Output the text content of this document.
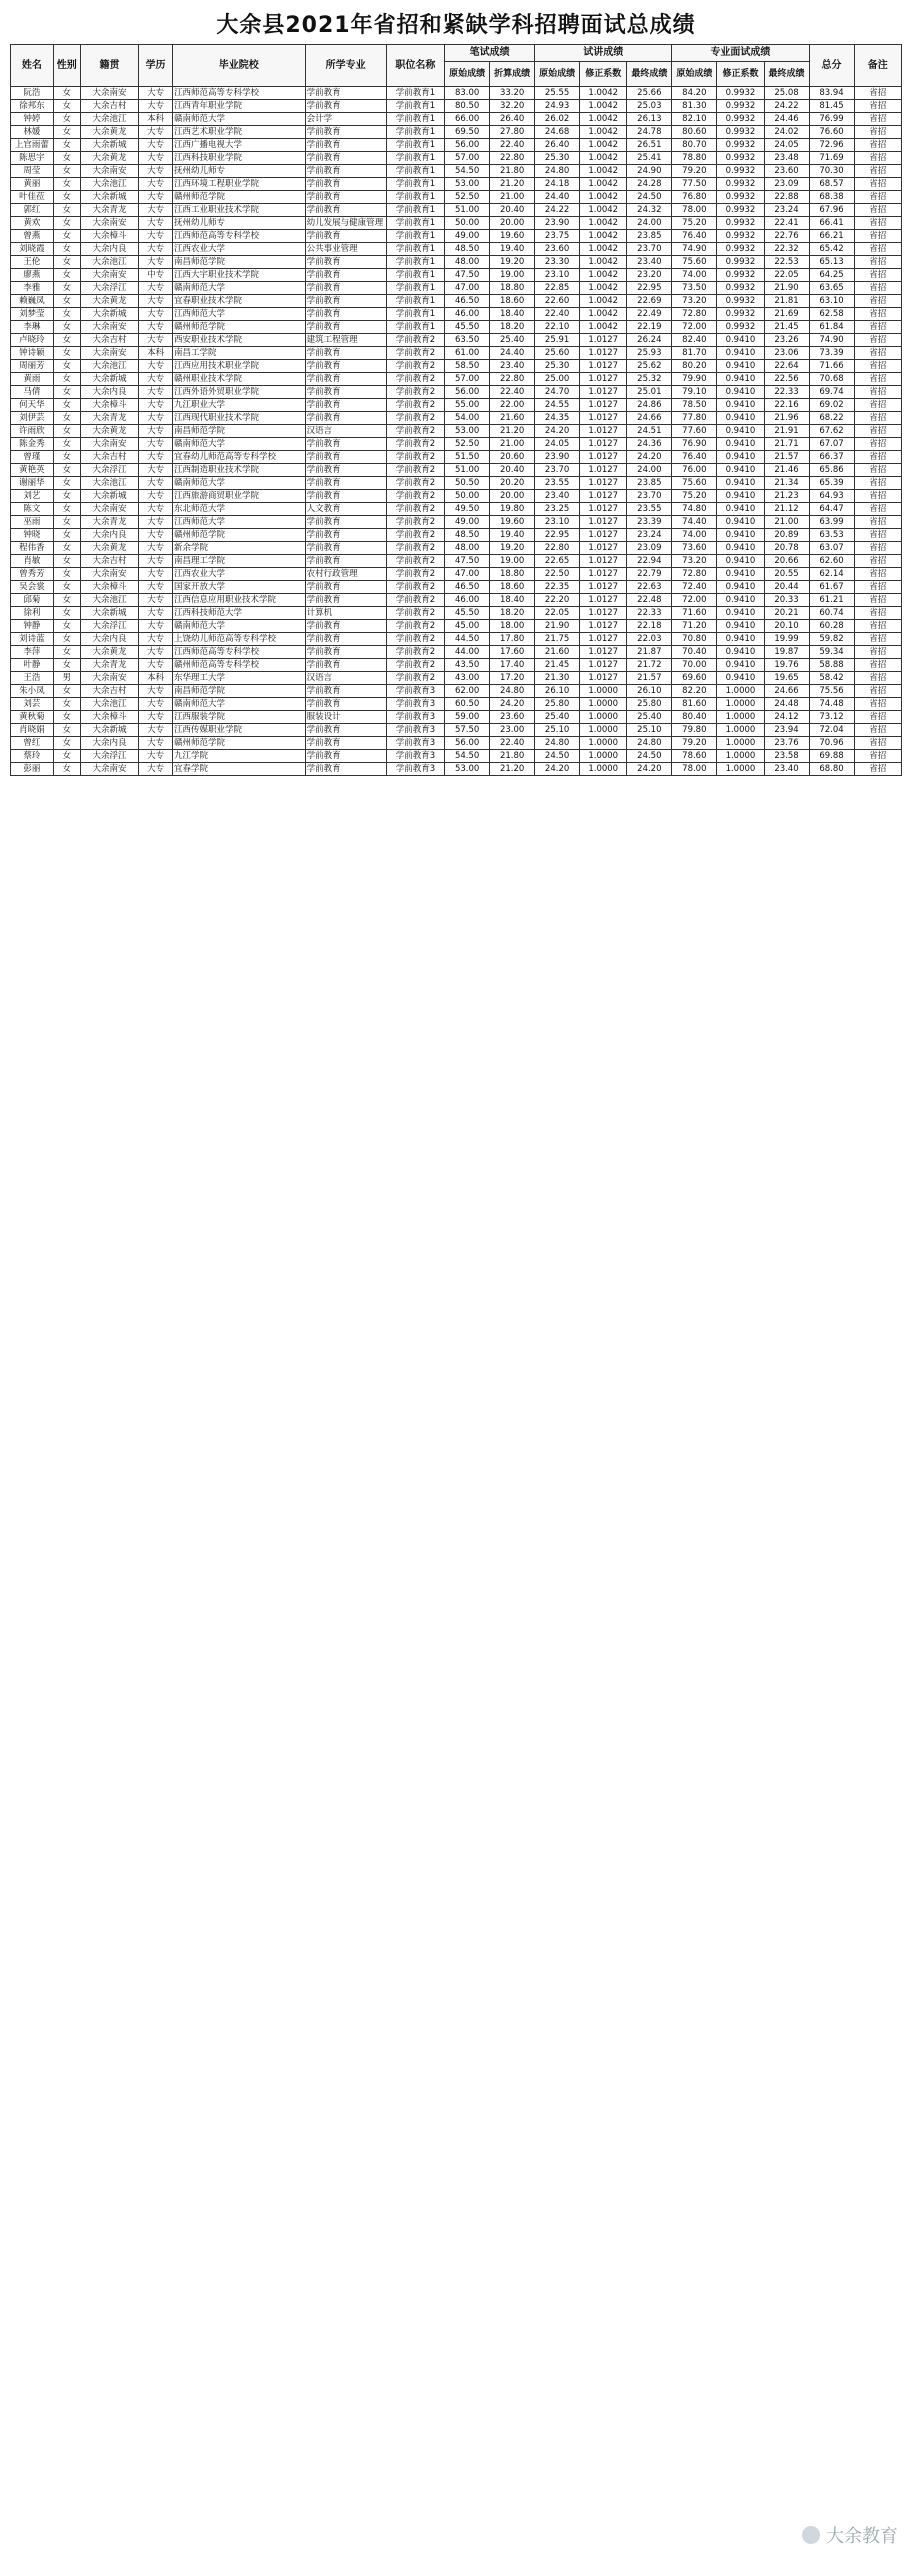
大余县2021年省招和紧缺学科招聘面试总成绩
姓名	性别	籍贯	学历	毕业院校	所学专业	职位名称	笔试成绩		试讲成绩			专业面试成绩			总分	备注
							原始成绩	折算成绩	原始成绩	修正系数	最终成绩	原始成绩	修正系数	最终成绩		
阮浩	女	大余南安	大专	江西师范高等专科学校	学前教育	学前教育1	83.00	33.20	25.55	1.0042	25.66	84.20	0.9932	25.08	83.94	省招
徐邦东	女	大余吉村	大专	江西青年职业学院	学前教育	学前教育1	80.50	32.20	24.93	1.0042	25.03	81.30	0.9932	24.22	81.45	省招
钟婷	女	大余池江	本科	赣南师范大学	会计学	学前教育1	66.00	26.40	26.02	1.0042	26.13	82.10	0.9932	24.46	76.99	省招
林媛	女	大余黄龙	大专	江西艺术职业学院	学前教育	学前教育1	69.50	27.80	24.68	1.0042	24.78	80.60	0.9932	24.02	76.60	省招
上官雨蕾	女	大余新城	大专	江西广播电视大学	学前教育	学前教育1	56.00	22.40	26.40	1.0042	26.51	80.70	0.9932	24.05	72.96	省招
陈思宇	女	大余黄龙	大专	江西科技职业学院	学前教育	学前教育1	57.00	22.80	25.30	1.0042	25.41	78.80	0.9932	23.48	71.69	省招
周莹	女	大余南安	大专	抚州幼儿师专	学前教育	学前教育1	54.50	21.80	24.80	1.0042	24.90	79.20	0.9932	23.60	70.30	省招
黄丽	女	大余池江	大专	江西环境工程职业学院	学前教育	学前教育1	53.00	21.20	24.18	1.0042	24.28	77.50	0.9932	23.09	68.57	省招
叶佳莅	女	大余新城	大专	赣州师范学院	学前教育	学前教育1	52.50	21.00	24.40	1.0042	24.50	76.80	0.9932	22.88	68.38	省招
郭红	女	大余青龙	大专	江西工业职业技术学院	学前教育	学前教育1	51.00	20.40	24.22	1.0042	24.32	78.00	0.9932	23.24	67.96	省招
黄欢	女	大余南安	大专	抚州幼儿师专	幼儿发展与健康管理	学前教育1	50.00	20.00	23.90	1.0042	24.00	75.20	0.9932	22.41	66.41	省招
曾燕	女	大余樟斗	大专	江西师范高等专科学校	学前教育	学前教育1	49.00	19.60	23.75	1.0042	23.85	76.40	0.9932	22.76	66.21	省招
刘晓霞	女	大余内良	大专	江西农业大学	公共事业管理	学前教育1	48.50	19.40	23.60	1.0042	23.70	74.90	0.9932	22.32	65.42	省招
王伦	女	大余池江	大专	南昌师范学院	学前教育	学前教育1	48.00	19.20	23.30	1.0042	23.40	75.60	0.9932	22.53	65.13	省招
廖燕	女	大余南安	中专	江西大宇职业技术学院	学前教育	学前教育1	47.50	19.00	23.10	1.0042	23.20	74.00	0.9932	22.05	64.25	省招
李雅	女	大余浮江	大专	赣南师范大学	学前教育	学前教育1	47.00	18.80	22.85	1.0042	22.95	73.50	0.9932	21.90	63.65	省招
赖巍凤	女	大余黄龙	大专	宜春职业技术学院	学前教育	学前教育1	46.50	18.60	22.60	1.0042	22.69	73.20	0.9932	21.81	63.10	省招
刘梦莹	女	大余新城	大专	江西师范大学	学前教育	学前教育1	46.00	18.40	22.40	1.0042	22.49	72.80	0.9932	21.69	62.58	省招
李琳	女	大余南安	大专	赣州师范学院	学前教育	学前教育1	45.50	18.20	22.10	1.0042	22.19	72.00	0.9932	21.45	61.84	省招
卢晓玲	女	大余吉村	大专	西安职业技术学院	建筑工程管理	学前教育2	63.50	25.40	25.91	1.0127	26.24	82.40	0.9410	23.26	74.90	省招
钟诗颖	女	大余南安	本科	南昌工学院	学前教育	学前教育2	61.00	24.40	25.60	1.0127	25.93	81.70	0.9410	23.06	73.39	省招
周丽芳	女	大余池江	大专	江西应用技术职业学院	学前教育	学前教育2	58.50	23.40	25.30	1.0127	25.62	80.20	0.9410	22.64	71.66	省招
黄雨	女	大余新城	大专	赣州职业技术学院	学前教育	学前教育2	57.00	22.80	25.00	1.0127	25.32	79.90	0.9410	22.56	70.68	省招
马倩	女	大余内良	大专	江西外语外贸职业学院	学前教育	学前教育2	56.00	22.40	24.70	1.0127	25.01	79.10	0.9410	22.33	69.74	省招
何天华	女	大余樟斗	大专	九江职业大学	学前教育	学前教育2	55.00	22.00	24.55	1.0127	24.86	78.50	0.9410	22.16	69.02	省招
刘伊芸	女	大余青龙	大专	江西现代职业技术学院	学前教育	学前教育2	54.00	21.60	24.35	1.0127	24.66	77.80	0.9410	21.96	68.22	省招
许雨欣	女	大余黄龙	大专	南昌师范学院	汉语言	学前教育2	53.00	21.20	24.20	1.0127	24.51	77.60	0.9410	21.91	67.62	省招
陈金秀	女	大余南安	大专	赣南师范大学	学前教育	学前教育2	52.50	21.00	24.05	1.0127	24.36	76.90	0.9410	21.71	67.07	省招
曾瑾	女	大余吉村	大专	宜春幼儿师范高等专科学校	学前教育	学前教育2	51.50	20.60	23.90	1.0127	24.20	76.40	0.9410	21.57	66.37	省招
黄艳英	女	大余浮江	大专	江西制造职业技术学院	学前教育	学前教育2	51.00	20.40	23.70	1.0127	24.00	76.00	0.9410	21.46	65.86	省招
谢丽华	女	大余池江	大专	赣南师范大学	学前教育	学前教育2	50.50	20.20	23.55	1.0127	23.85	75.60	0.9410	21.34	65.39	省招
刘艺	女	大余新城	大专	江西旅游商贸职业学院	学前教育	学前教育2	50.00	20.00	23.40	1.0127	23.70	75.20	0.9410	21.23	64.93	省招
陈文	女	大余南安	大专	东北师范大学	人文教育	学前教育2	49.50	19.80	23.25	1.0127	23.55	74.80	0.9410	21.12	64.47	省招
巫雨	女	大余青龙	大专	江西师范大学	学前教育	学前教育2	49.00	19.60	23.10	1.0127	23.39	74.40	0.9410	21.00	63.99	省招
钟晓	女	大余内良	大专	赣州师范学院	学前教育	学前教育2	48.50	19.40	22.95	1.0127	23.24	74.00	0.9410	20.89	63.53	省招
程伟香	女	大余黄龙	大专	新余学院	学前教育	学前教育2	48.00	19.20	22.80	1.0127	23.09	73.60	0.9410	20.78	63.07	省招
肖敏	女	大余吉村	大专	南昌理工学院	学前教育	学前教育2	47.50	19.00	22.65	1.0127	22.94	73.20	0.9410	20.66	62.60	省招
曾秀芳	女	大余南安	大专	江西农业大学	农村行政管理	学前教育2	47.00	18.80	22.50	1.0127	22.79	72.80	0.9410	20.55	62.14	省招
吴会裳	女	大余樟斗	大专	国家开放大学	学前教育	学前教育2	46.50	18.60	22.35	1.0127	22.63	72.40	0.9410	20.44	61.67	省招
邱菊	女	大余池江	大专	江西信息应用职业技术学院	学前教育	学前教育2	46.00	18.40	22.20	1.0127	22.48	72.00	0.9410	20.33	61.21	省招
徐利	女	大余新城	大专	江西科技师范大学	计算机	学前教育2	45.50	18.20	22.05	1.0127	22.33	71.60	0.9410	20.21	60.74	省招
钟静	女	大余浮江	大专	赣南师范大学	学前教育	学前教育2	45.00	18.00	21.90	1.0127	22.18	71.20	0.9410	20.10	60.28	省招
刘诗蓝	女	大余内良	大专	上饶幼儿师范高等专科学校	学前教育	学前教育2	44.50	17.80	21.75	1.0127	22.03	70.80	0.9410	19.99	59.82	省招
李萍	女	大余黄龙	大专	江西师范高等专科学校	学前教育	学前教育2	44.00	17.60	21.60	1.0127	21.87	70.40	0.9410	19.87	59.34	省招
叶静	女	大余青龙	大专	赣州师范高等专科学校	学前教育	学前教育2	43.50	17.40	21.45	1.0127	21.72	70.00	0.9410	19.76	58.88	省招
王浩	男	大余南安	本科	东华理工大学	汉语言	学前教育2	43.00	17.20	21.30	1.0127	21.57	69.60	0.9410	19.65	58.42	省招
朱小凤	女	大余吉村	大专	南昌师范学院	学前教育	学前教育3	62.00	24.80	26.10	1.0000	26.10	82.20	1.0000	24.66	75.56	省招
刘芸	女	大余池江	大专	赣南师范大学	学前教育	学前教育3	60.50	24.20	25.80	1.0000	25.80	81.60	1.0000	24.48	74.48	省招
黄秋菊	女	大余樟斗	大专	江西服装学院	服装设计	学前教育3	59.00	23.60	25.40	1.0000	25.40	80.40	1.0000	24.12	73.12	省招
肖晓娟	女	大余新城	大专	江西传媒职业学院	学前教育	学前教育3	57.50	23.00	25.10	1.0000	25.10	79.80	1.0000	23.94	72.04	省招
曾红	女	大余内良	大专	赣州师范学院	学前教育	学前教育3	56.00	22.40	24.80	1.0000	24.80	79.20	1.0000	23.76	70.96	省招
蔡玲	女	大余浮江	大专	九江学院	学前教育	学前教育3	54.50	21.80	24.50	1.0000	24.50	78.60	1.0000	23.58	69.88	省招
彭丽	女	大余南安	大专	宜春学院	学前教育	学前教育3	53.00	21.20	24.20	1.0000	24.20	78.00	1.0000	23.40	68.80	省招
大余教育
